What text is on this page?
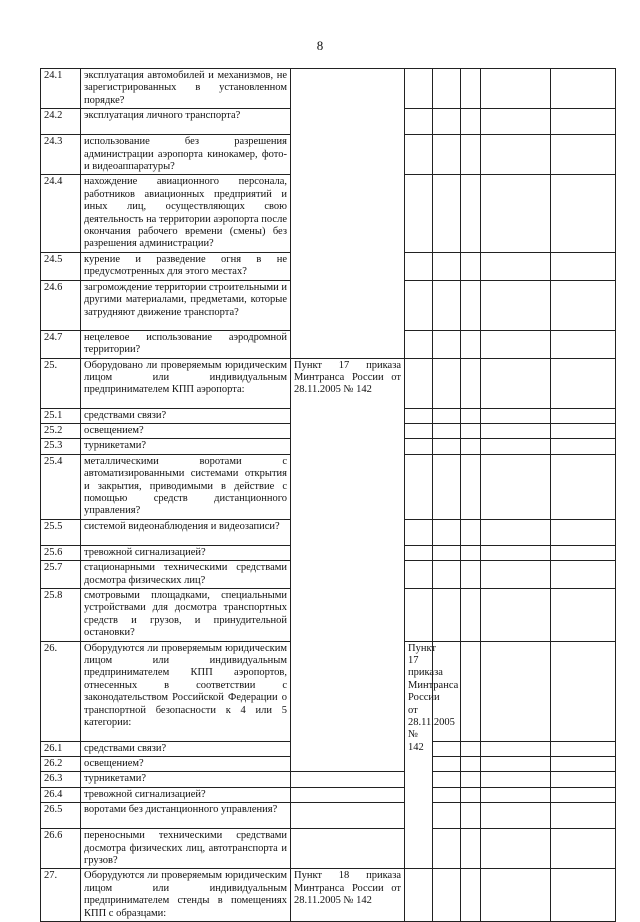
8
24.1	эксплуатация автомобилей и механизмов, не зарегистрированных в установленном порядке?							
24.2	эксплуатация личного транспорта?							
24.3	использование без разрешения администрации аэропорта кинокамер, фото- и видеоаппаратуры?							
24.4	нахождение авиационного персонала, работников авиационных предприятий и иных лиц, осуществляющих свою деятельность на территории аэропорта после окончания рабочего времени (смены) без разрешения администрации?							
24.5	курение и разведение огня в не предусмотренных для этого местах?							
24.6	загромождение территории строительными и другими материалами, предметами, которые затрудняют движение транспорта?							
24.7	нецелевое использование аэродромной территории?							
25.	Оборудовано ли проверяемым юридическим лицом или индивидуальным предпринимателем КПП аэропорта:	Пункт 17 приказа Минтранса России от 28.11.2005 № 142						
25.1	средствами связи?							
25.2	освещением?							
25.3	турникетами?							
25.4	металлическими воротами с автоматизированными системами открытия и закрытия, приводимыми в действие с помощью средств дистанционного управления?							
25.5	системой видеонаблюдения и видеозаписи?							
25.6	тревожной сигнализацией?							
25.7	стационарными техническими средствами досмотра физических лиц?							
25.8	смотровыми площадками, специальными устройствами для досмотра транспортных средств и грузов, и принудительной остановки?							
26.	Оборудуются ли проверяемым юридическим лицом или индивидуальным предпринимателем КПП аэропортов, отнесенных в соответствии с законодательством Российской Федерации о транспортной безопасности к 4 или 5 категории:		Пункт 17 приказа Минтранса России от 28.11.2005 № 142					
26.1	средствами связи?							
26.2	освещением?							
26.3	турникетами?							
26.4	тревожной сигнализацией?							
26.5	воротами без дистанционного управления?							
26.6	переносными техническими средствами досмотра физических лиц, автотранспорта и грузов?							
27.	Оборудуются ли проверяемым юридическим лицом или индивидуальным предпринимателем стенды в помещениях КПП с образцами:	Пункт 18 приказа Минтранса России от 28.11.2005 № 142						
